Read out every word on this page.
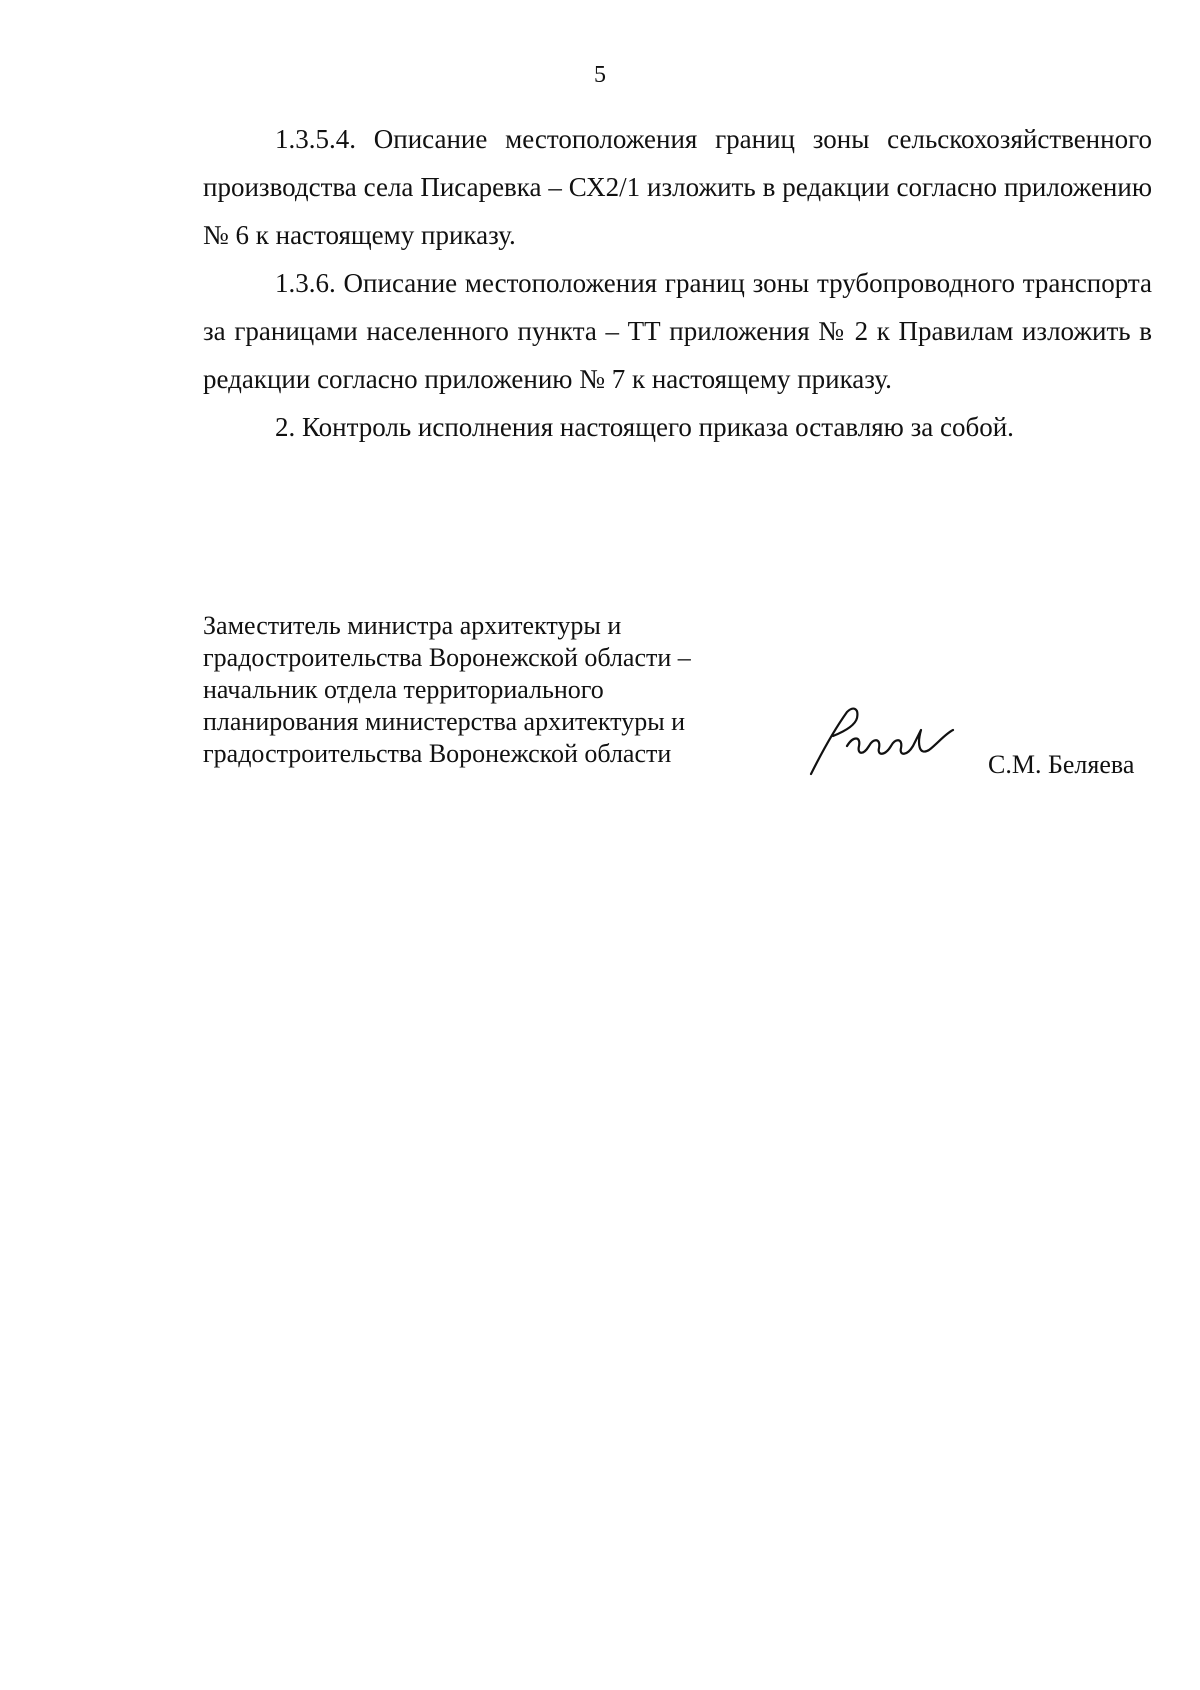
5

1.3.5.4. Описание местоположения границ зоны сельскохозяйственного производства села Писаревка – СХ2/1 изложить в редакции согласно приложению № 6 к настоящему приказу.

1.3.6. Описание местоположения границ зоны трубопроводного транспорта за границами населенного пункта – ТТ приложения № 2 к Правилам изложить в редакции согласно приложению № 7 к настоящему приказу.

2. Контроль исполнения настоящего приказа оставляю за собой.

Заместитель министра архитектуры и
градостроительства Воронежской области –
начальник отдела территориального
планирования министерства архитектуры и
градостроительства Воронежской области	С.М. Беляева
